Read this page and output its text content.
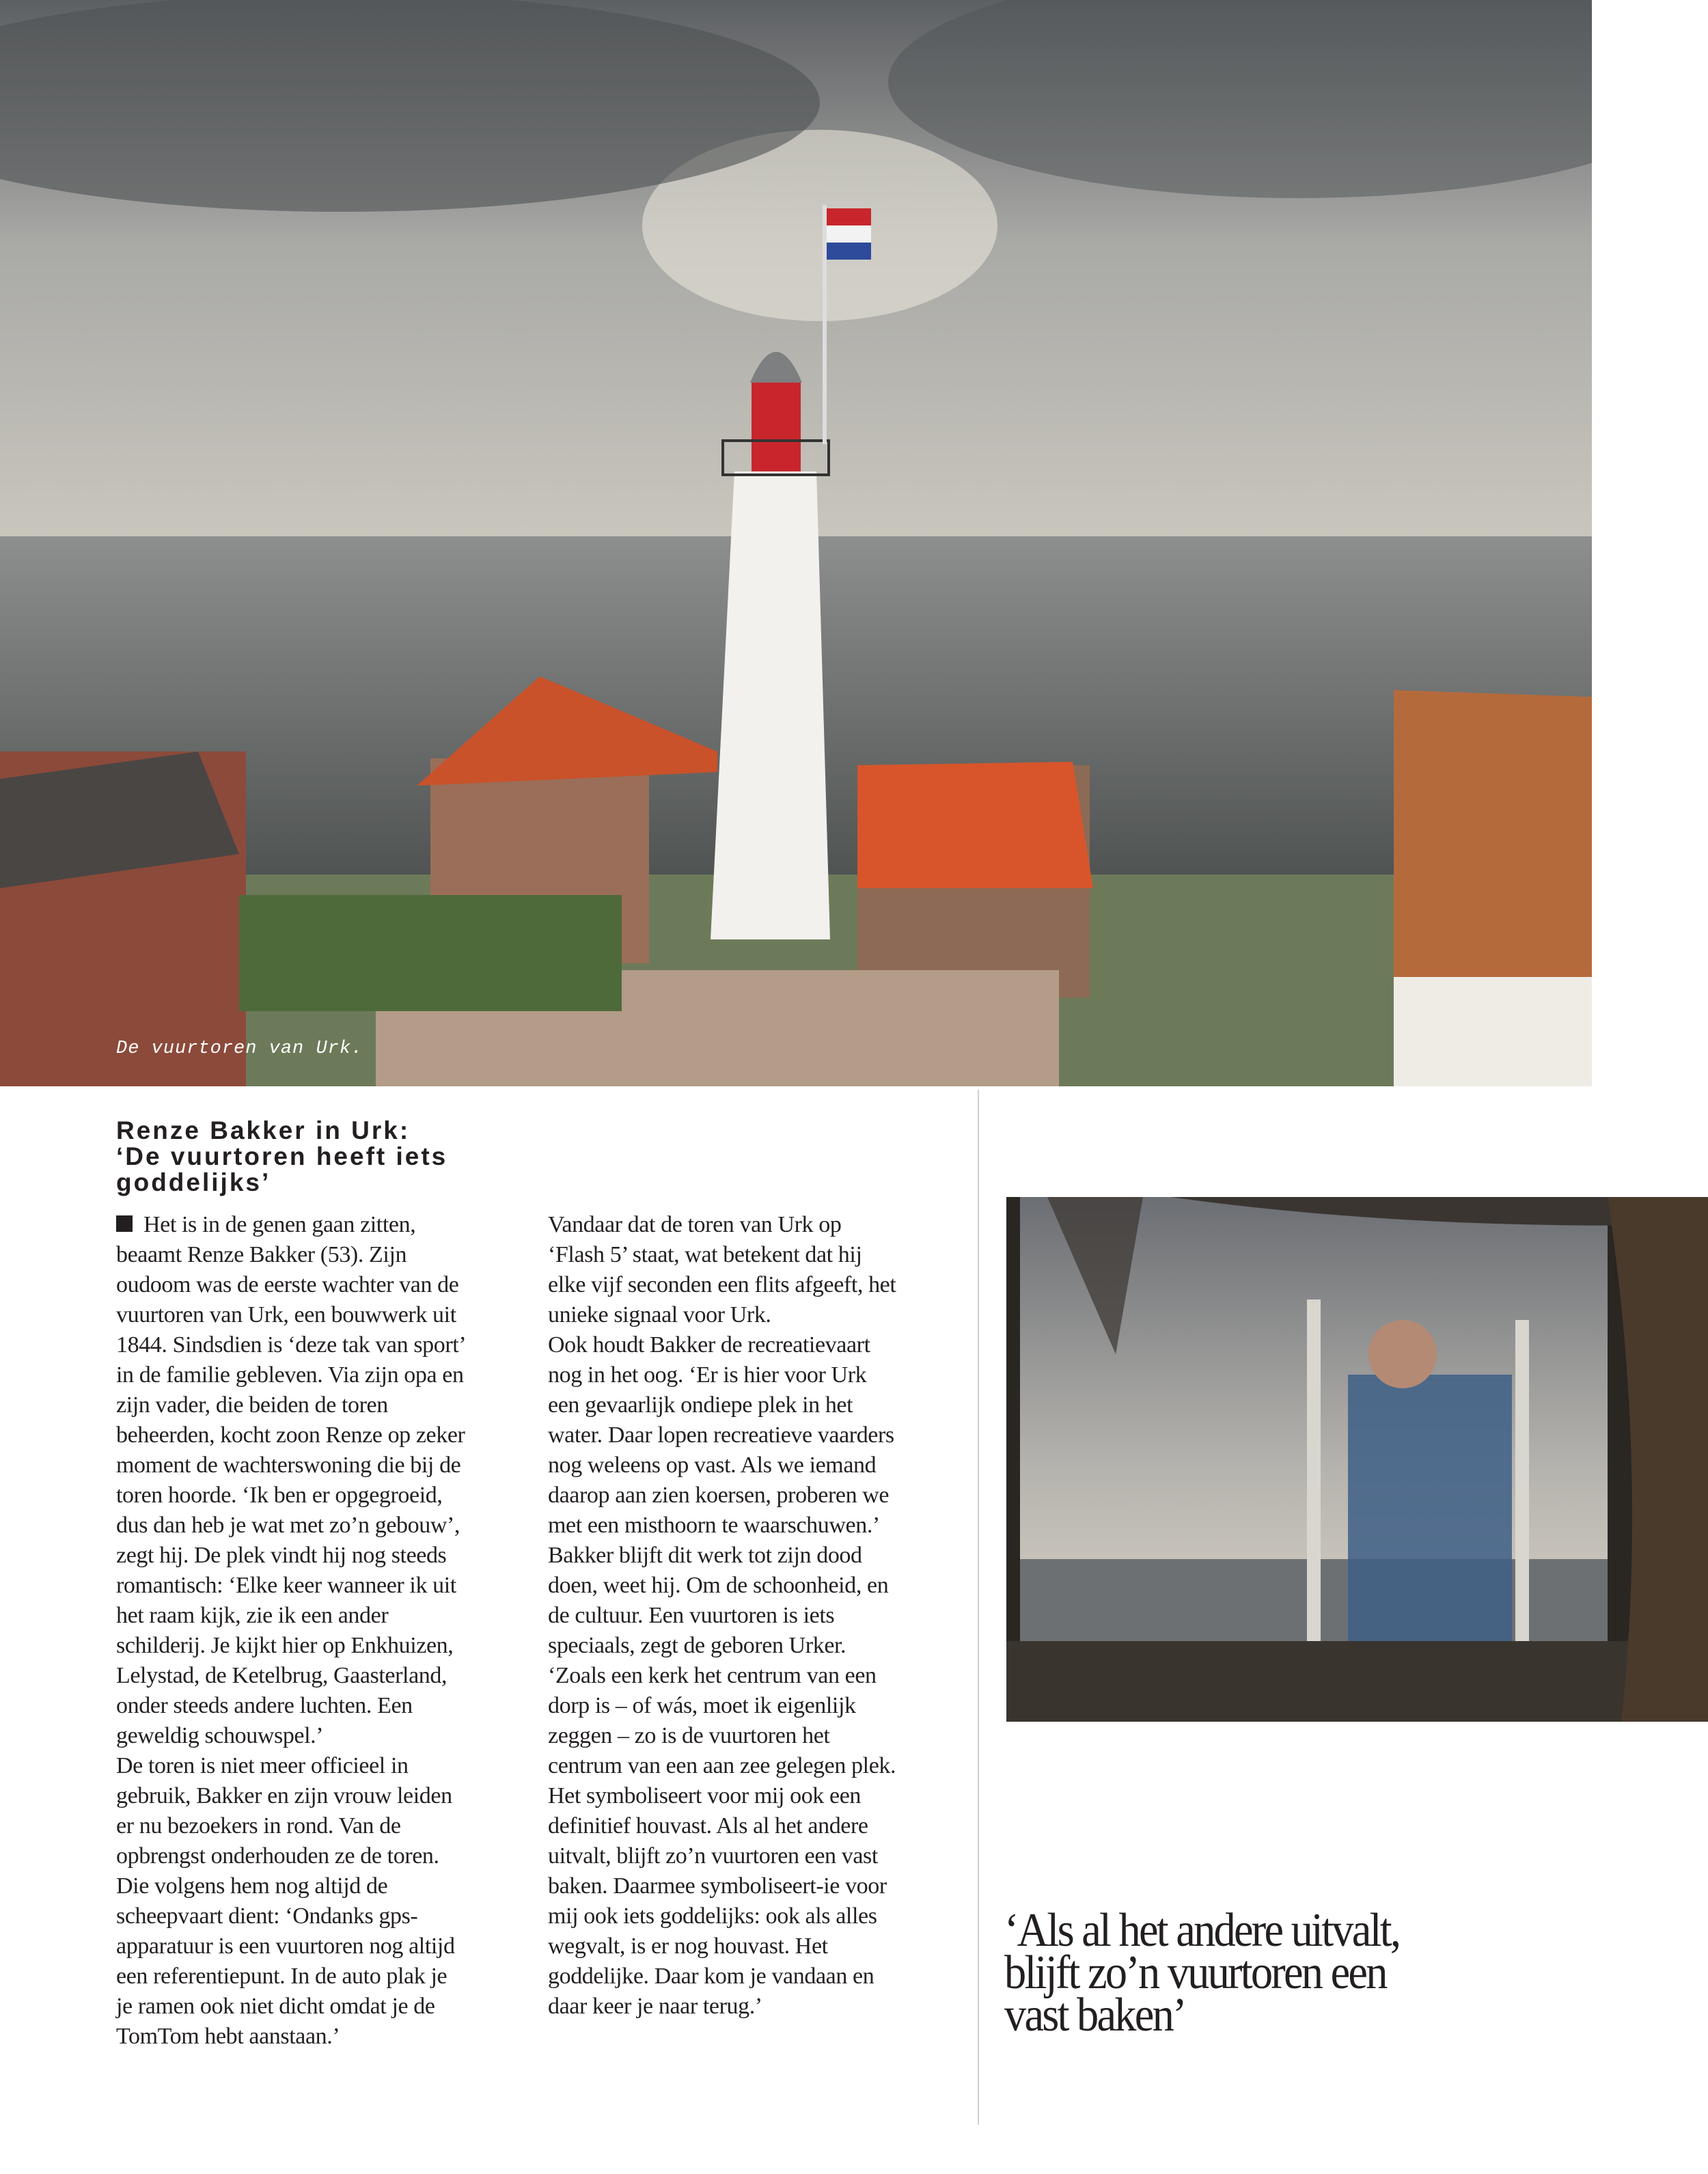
De vuurtoren van Urk.
Renze Bakker in Urk:
‘De vuurtoren heeft iets
goddelijks’
Het is in de genen gaan zitten,
beaamt Renze Bakker (53). Zijn
oudoom was de eerste wachter van de
vuurtoren van Urk, een bouwwerk uit
1844. Sindsdien is ‘deze tak van sport’
in de familie gebleven. Via zijn opa en
zijn vader, die beiden de toren
beheerden, kocht zoon Renze op zeker
moment de wachterswoning die bij de
toren hoorde. ‘Ik ben er opgegroeid,
dus dan heb je wat met zo’n gebouw’,
zegt hij. De plek vindt hij nog steeds
romantisch: ‘Elke keer wanneer ik uit
het raam kijk, zie ik een ander
schilderij. Je kijkt hier op Enkhuizen,
Lelystad, de Ketelbrug, Gaasterland,
onder steeds andere luchten. Een
geweldig schouwspel.’
De toren is niet meer officieel in
gebruik, Bakker en zijn vrouw leiden
er nu bezoekers in rond. Van de
opbrengst onderhouden ze de toren.
Die volgens hem nog altijd de
scheepvaart dient: ‘Ondanks gps-
apparatuur is een vuurtoren nog altijd
een referentiepunt. In de auto plak je
je ramen ook niet dicht omdat je de
TomTom hebt aanstaan.’
Vandaar dat de toren van Urk op
‘Flash 5’ staat, wat betekent dat hij
elke vijf seconden een flits afgeeft, het
unieke signaal voor Urk.
Ook houdt Bakker de recreatievaart
nog in het oog. ‘Er is hier voor Urk
een gevaarlijk ondiepe plek in het
water. Daar lopen recreatieve vaarders
nog weleens op vast. Als we iemand
daarop aan zien koersen, proberen we
met een misthoorn te waarschuwen.’
Bakker blijft dit werk tot zijn dood
doen, weet hij. Om de schoonheid, en
de cultuur. Een vuurtoren is iets
speciaals, zegt de geboren Urker.
‘Zoals een kerk het centrum van een
dorp is – of wás, moet ik eigenlijk
zeggen – zo is de vuurtoren het
centrum van een aan zee gelegen plek.
Het symboliseert voor mij ook een
definitief houvast. Als al het andere
uitvalt, blijft zo’n vuurtoren een vast
baken. Daarmee symboliseert-ie voor
mij ook iets goddelijks: ook als alles
wegvalt, is er nog houvast. Het
goddelijke. Daar kom je vandaan en
daar keer je naar terug.’
‘Als al het andere uitvalt,
blijft zo’n vuurtoren een
vast baken’
